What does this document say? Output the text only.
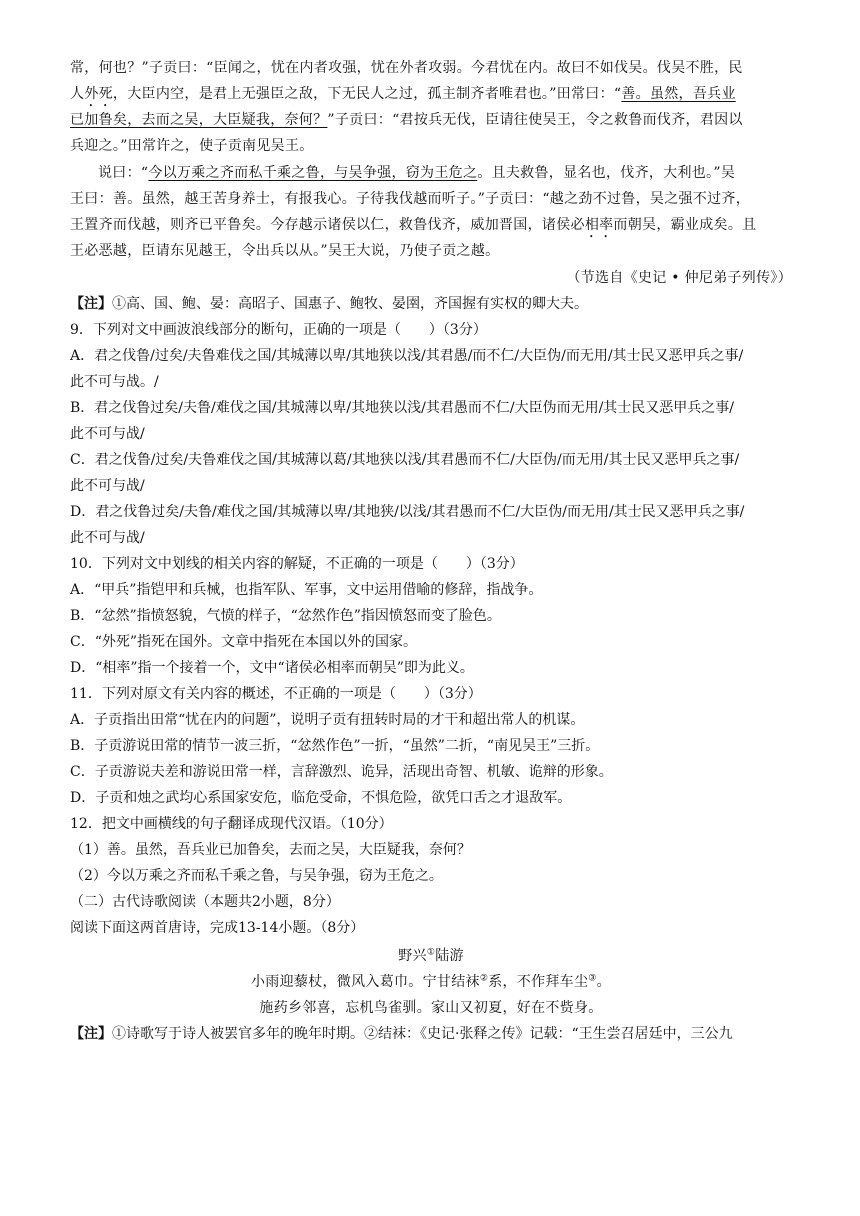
常，何也？”子贡曰：“臣闻之，忧在内者攻强，忧在外者攻弱。今君忧在内。故曰不如伐吴。伐吴不胜，民
人外死，大臣内空，是君上无强臣之敌，下无民人之过，孤主制齐者唯君也。”田常曰：“善。虽然，吾兵业
已加鲁矣，去而之吴，大臣疑我，奈何？”子贡曰：“君按兵无伐，臣请往使吴王，令之救鲁而伐齐，君因以
兵迎之。”田常许之，使子贡南见吴王。
说曰：“今以万乘之齐而私千乘之鲁，与吴争强，窃为王危之。且夫救鲁，显名也，伐齐，大利也。”吴
王曰：善。虽然，越王苦身养士，有报我心。子待我伐越而听子。”子贡曰：“越之劲不过鲁，吴之强不过齐，
王置齐而伐越，则齐已平鲁矣。今存越示诸侯以仁，救鲁伐齐，威加晋国，诸侯必相率而朝吴，霸业成矣。且
王必恶越，臣请东见越王，令出兵以从。”吴王大说，乃使子贡之越。
（节选自《史记 • 仲尼弟子列传》）
【注】①高、国、鲍、晏：高昭子、国惠子、鲍牧、晏圉，齐国握有实权的卿大夫。
9．下列对文中画波浪线部分的断句，正确的一项是（　　）（3分）
A．君之伐鲁/过矣/夫鲁难伐之国/其城薄以卑/其地狭以浅/其君愚/而不仁/大臣伪/而无用/其士民又恶甲兵之事/
此不可与战。/
B．君之伐鲁过矣/夫鲁/难伐之国/其城薄以卑/其地狭以浅/其君愚而不仁/大臣伪而无用/其士民又恶甲兵之事/
此不可与战/
C．君之伐鲁/过矣/夫鲁难伐之国/其城薄以葛/其地狭以浅/其君愚而不仁/大臣伪/而无用/其士民又恶甲兵之事/
此不可与战/
D．君之伐鲁过矣/夫鲁/难伐之国/其城薄以卑/其地狭/以浅/其君愚而不仁/大臣伪/而无用/其士民又恶甲兵之事/
此不可与战/
10．下列对文中划线的相关内容的解疑，不正确的一项是（　　）（3分）
A．“甲兵”指铠甲和兵械，也指军队、军事，文中运用借喻的修辞，指战争。
B．“忿然”指愤怒貌，气愤的样子，“忿然作色”指因愤怒而变了脸色。
C．“外死”指死在国外。文章中指死在本国以外的国家。
D．“相率”指一个接着一个，文中“诸侯必相率而朝吴”即为此义。
11．下列对原文有关内容的概述，不正确的一项是（　　）（3分）
A．子贡指出田常“忧在内的问题”，说明子贡有扭转时局的才干和超出常人的机谋。
B．子贡游说田常的情节一波三折，“忿然作色”一折，“虽然”二折，“南见吴王”三折。
C．子贡游说夫差和游说田常一样，言辞激烈、诡异，活现出奇智、机敏、诡辩的形象。
D．子贡和烛之武均心系国家安危，临危受命，不惧危险，欲凭口舌之才退敌军。
12．把文中画横线的句子翻译成现代汉语。（10分）
（1）善。虽然，吾兵业已加鲁矣，去而之吴，大臣疑我，奈何？
（2）今以万乘之齐而私千乘之鲁，与吴争强，窃为王危之。
（二）古代诗歌阅读（本题共2小题，8分）
阅读下面这两首唐诗，完成13-14小题。（8分）
野兴①陆游
小雨迎藜杖，微风入葛巾。宁甘结袜②系，不作拜车尘③。
施药乡邻喜，忘机鸟雀驯。家山又初夏，好在不赀身。
【注】①诗歌写于诗人被罢官多年的晚年时期。②结袜：《史记·张释之传》记载：“王生尝召居廷中，三公九
